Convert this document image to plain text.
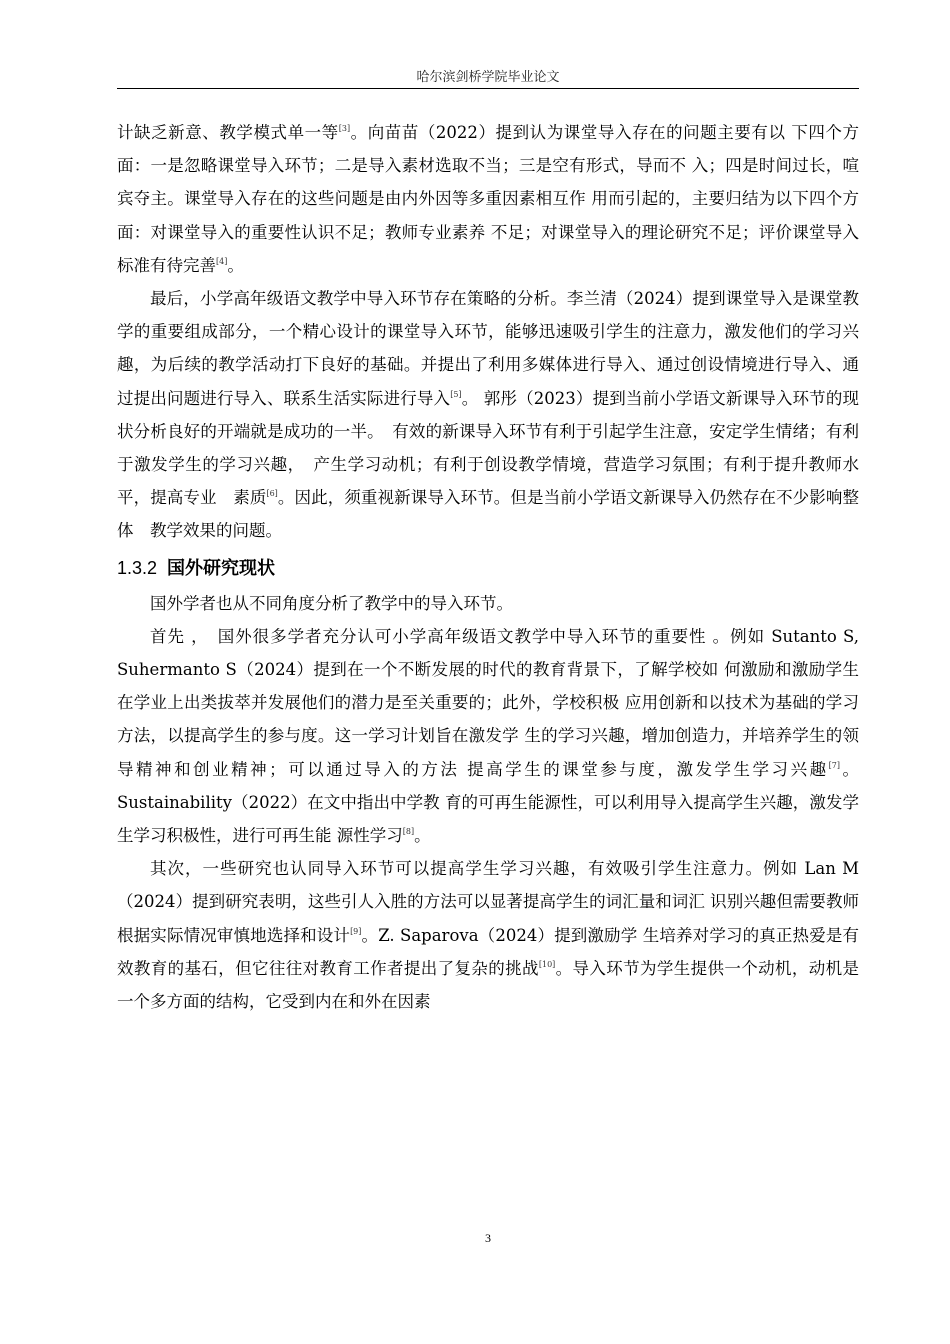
哈尔滨剑桥学院毕业论文

计缺乏新意、教学模式单一等[3]。向苗苗（2022）提到认为课堂导入存在的问题主要有以 下四个方面：一是忽略课堂导入环节；二是导入素材选取不当；三是空有形式，导而不 入；四是时间过长，喧宾夺主。课堂导入存在的这些问题是由内外因等多重因素相互作 用而引起的，主要归结为以下四个方面：对课堂导入的重要性认识不足；教师专业素养 不足；对课堂导入的理论研究不足；评价课堂导入标准有待完善[4]。

最后，小学高年级语文教学中导入环节存在策略的分析。李兰清（2024）提到课堂导入是课堂教学的重要组成部分，一个精心设计的课堂导入环节，能够迅速吸引学生的注意力，激发他们的学习兴趣，为后续的教学活动打下良好的基础。并提出了利用多媒体进行导入、通过创设情境进行导入、通过提出问题进行导入、联系生活实际进行导入[5]。 郭彤（2023）提到当前小学语文新课导入环节的现状分析良好的开端就是成功的一半。　有效的新课导入环节有利于引起学生注意，安定学生情绪；有利于激发学生的学习兴趣，　产生学习动机；有利于创设教学情境，营造学习氛围；有利于提升教师水平，提高专业　素质[6]。因此，须重视新课导入环节。但是当前小学语文新课导入仍然存在不少影响整体　教学效果的问题。

1.3.2 国外研究现状

国外学者也从不同角度分析了教学中的导入环节。

首先 ，　国外很多学者充分认可小学高年级语文教学中导入环节的重要性 。例如 Sutanto S, Suhermanto S（2024）提到在一个不断发展的时代的教育背景下，了解学校如 何激励和激励学生在学业上出类拔萃并发展他们的潜力是至关重要的；此外，学校积极 应用创新和以技术为基础的学习方法，以提高学生的参与度。这一学习计划旨在激发学 生的学习兴趣，增加创造力，并培养学生的领导精神和创业精神；可以通过导入的方法 提高学生的课堂参与度，激发学生学习兴趣[7]。Sustainability（2022）在文中指出中学教 育的可再生能源性，可以利用导入提高学生兴趣，激发学生学习积极性，进行可再生能 源性学习[8]。

其次，一些研究也认同导入环节可以提高学生学习兴趣，有效吸引学生注意力。例如 Lan M（2024）提到研究表明，这些引人入胜的方法可以显著提高学生的词汇量和词汇 识别兴趣但需要教师根据实际情况审慎地选择和设计[9]。Z. Saparova（2024）提到激励学 生培养对学习的真正热爱是有效教育的基石，但它往往对教育工作者提出了复杂的挑战[10]。导入环节为学生提供一个动机，动机是一个多方面的结构，它受到内在和外在因素

3
